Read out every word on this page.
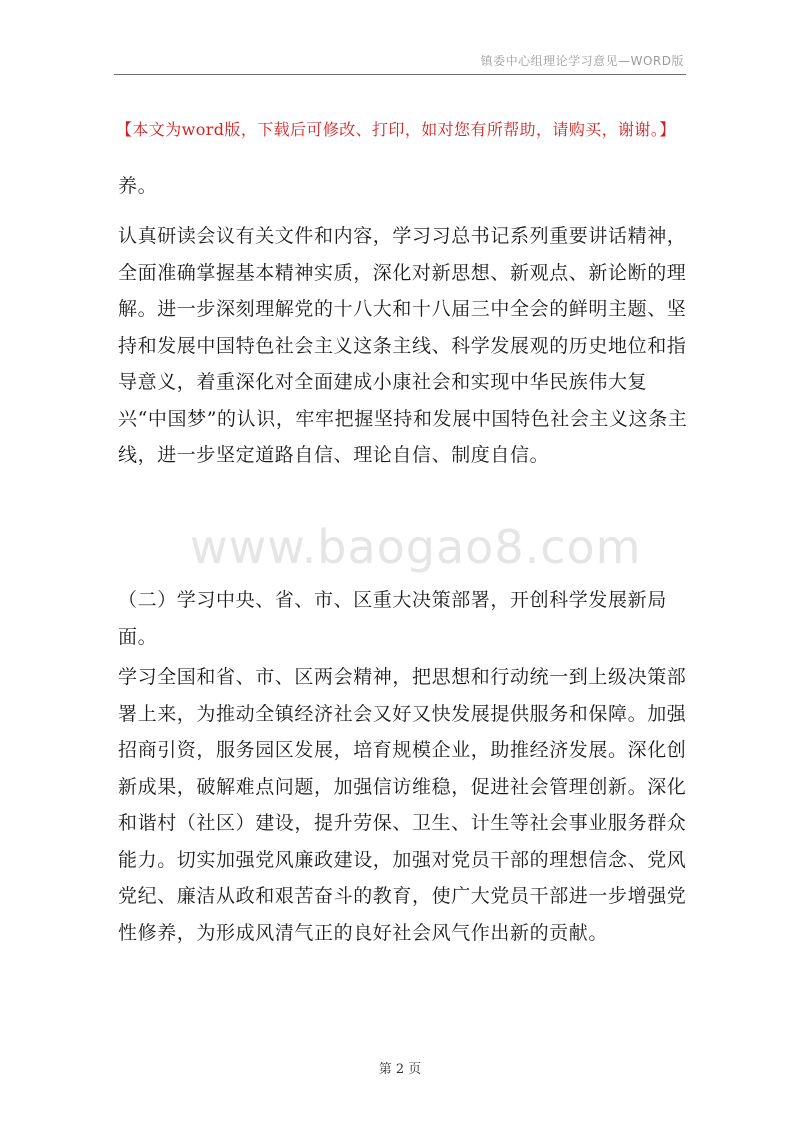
镇委中心组理论学习意见—WORD版
【本文为word版，下载后可修改、打印，如对您有所帮助，请购买，谢谢。】

养。

认真研读会议有关文件和内容，学习习总书记系列重要讲话精神，全面准确掌握基本精神实质，深化对新思想、新观点、新论断的理解。进一步深刻理解党的十八大和十八届三中全会的鲜明主题、坚持和发展中国特色社会主义这条主线、科学发展观的历史地位和指导意义，着重深化对全面建成小康社会和实现中华民族伟大复兴“中国梦”的认识，牢牢把握坚持和发展中国特色社会主义这条主线，进一步坚定道路自信、理论自信、制度自信。

www.baogao8.com

（二）学习中央、省、市、区重大决策部署，开创科学发展新局面。

学习全国和省、市、区两会精神，把思想和行动统一到上级决策部署上来，为推动全镇经济社会又好又快发展提供服务和保障。加强招商引资，服务园区发展，培育规模企业，助推经济发展。深化创新成果，破解难点问题，加强信访维稳，促进社会管理创新。深化和谐村（社区）建设，提升劳保、卫生、计生等社会事业服务群众能力。切实加强党风廉政建设，加强对党员干部的理想信念、党风党纪、廉洁从政和艰苦奋斗的教育，使广大党员干部进一步增强党性修养，为形成风清气正的良好社会风气作出新的贡献。

第 2 页
